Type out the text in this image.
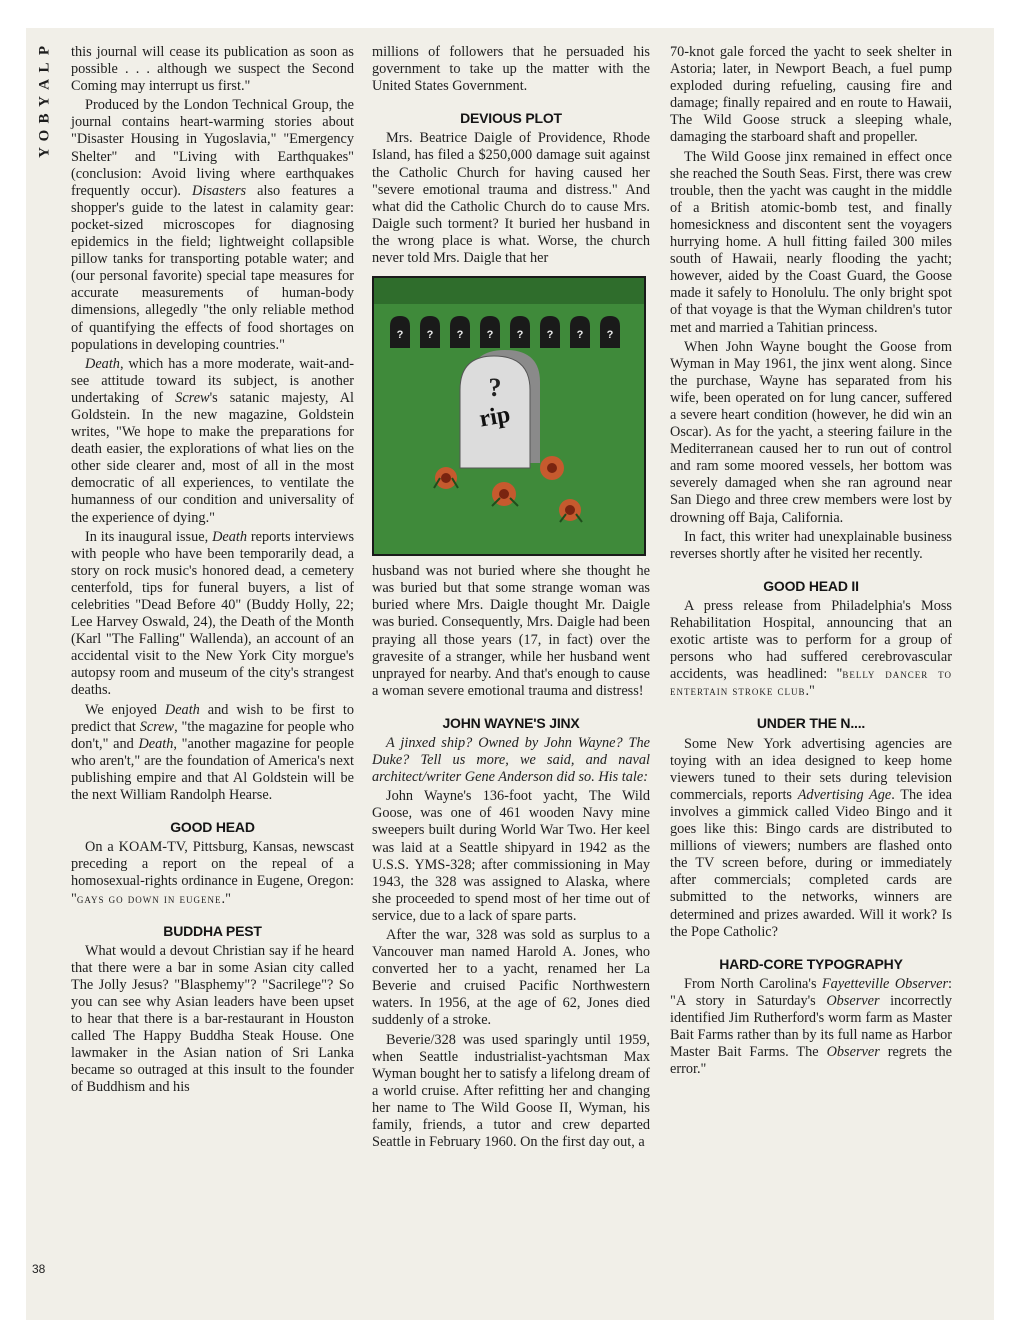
P
L
A
Y
B
O
Y
38

this journal will cease its publication as soon as possible . . . although we suspect the Second Coming may interrupt us first."

Produced by the London Technical Group, the journal contains heart-warming stories about "Disaster Housing in Yugoslavia," "Emergency Shelter" and "Living with Earthquakes" (conclusion: Avoid living where earthquakes frequently occur). Disasters also features a shopper's guide to the latest in calamity gear: pocket-sized microscopes for diagnosing epidemics in the field; lightweight collapsible pillow tanks for transporting potable water; and (our personal favorite) special tape measures for accurate measurements of human-body dimensions, allegedly "the only reliable method of quantifying the effects of food shortages on populations in developing countries."

Death, which has a more moderate, wait-and-see attitude toward its subject, is another undertaking of Screw's satanic majesty, Al Goldstein. In the new magazine, Goldstein writes, "We hope to make the preparations for death easier, the explorations of what lies on the other side clearer and, most of all in the most democratic of all experiences, to ventilate the humanness of our condition and universality of the experience of dying."

In its inaugural issue, Death reports interviews with people who have been temporarily dead, a story on rock music's honored dead, a cemetery centerfold, tips for funeral buyers, a list of celebrities "Dead Before 40" (Buddy Holly, 22; Lee Harvey Oswald, 24), the Death of the Month (Karl "The Falling" Wallenda), an account of an accidental visit to the New York City morgue's autopsy room and museum of the city's strangest deaths.

We enjoyed Death and wish to be first to predict that Screw, "the magazine for people who don't," and Death, "another magazine for people who aren't," are the foundation of America's next publishing empire and that Al Goldstein will be the next William Randolph Hearse.

GOOD HEAD

On a KOAM-TV, Pittsburg, Kansas, newscast preceding a report on the repeal of a homosexual-rights ordinance in Eugene, Oregon: "gays go down in eugene."

BUDDHA PEST

What would a devout Christian say if he heard that there were a bar in some Asian city called The Jolly Jesus? "Blasphemy"? "Sacrilege"? So you can see why Asian leaders have been upset to hear that there is a bar-restaurant in Houston called The Happy Buddha Steak House. One lawmaker in the Asian nation of Sri Lanka became so outraged at this insult to the founder of Buddhism and his

millions of followers that he persuaded his government to take up the matter with the United States Government.

DEVIOUS PLOT

Mrs. Beatrice Daigle of Providence, Rhode Island, has filed a $250,000 damage suit against the Catholic Church for having caused her "severe emotional trauma and distress." And what did the Catholic Church do to cause Mrs. Daigle such torment? It buried her husband in the wrong place is what. Worse, the church never told Mrs. Daigle that her

? ? ? ? ? ? ? ?
?
rip

husband was not buried where she thought he was buried but that some strange woman was buried where Mrs. Daigle thought Mr. Daigle was buried. Consequently, Mrs. Daigle had been praying all those years (17, in fact) over the gravesite of a stranger, while her husband went unprayed for nearby. And that's enough to cause a woman severe emotional trauma and distress!

JOHN WAYNE'S JINX

A jinxed ship? Owned by John Wayne? The Duke? Tell us more, we said, and naval architect/writer Gene Anderson did so. His tale:

John Wayne's 136-foot yacht, The Wild Goose, was one of 461 wooden Navy mine sweepers built during World War Two. Her keel was laid at a Seattle shipyard in 1942 as the U.S.S. YMS-328; after commissioning in May 1943, the 328 was assigned to Alaska, where she proceeded to spend most of her time out of service, due to a lack of spare parts.

After the war, 328 was sold as surplus to a Vancouver man named Harold A. Jones, who converted her to a yacht, renamed her La Beverie and cruised Pacific Northwestern waters. In 1956, at the age of 62, Jones died suddenly of a stroke.

Beverie/328 was used sparingly until 1959, when Seattle industrialist-yachtsman Max Wyman bought her to satisfy a lifelong dream of a world cruise. After refitting her and changing her name to The Wild Goose II, Wyman, his family, friends, a tutor and crew departed Seattle in February 1960. On the first day out, a

70-knot gale forced the yacht to seek shelter in Astoria; later, in Newport Beach, a fuel pump exploded during refueling, causing fire and damage; finally repaired and en route to Hawaii, The Wild Goose struck a sleeping whale, damaging the starboard shaft and propeller.

The Wild Goose jinx remained in effect once she reached the South Seas. First, there was crew trouble, then the yacht was caught in the middle of a British atomic-bomb test, and finally homesickness and discontent sent the voyagers hurrying home. A hull fitting failed 300 miles south of Hawaii, nearly flooding the yacht; however, aided by the Coast Guard, the Goose made it safely to Honolulu. The only bright spot of that voyage is that the Wyman children's tutor met and married a Tahitian princess.

When John Wayne bought the Goose from Wyman in May 1961, the jinx went along. Since the purchase, Wayne has separated from his wife, been operated on for lung cancer, suffered a severe heart condition (however, he did win an Oscar). As for the yacht, a steering failure in the Mediterranean caused her to run out of control and ram some moored vessels, her bottom was severely damaged when she ran aground near San Diego and three crew members were lost by drowning off Baja, California.

In fact, this writer had unexplainable business reverses shortly after he visited her recently.

GOOD HEAD II

A press release from Philadelphia's Moss Rehabilitation Hospital, announcing that an exotic artiste was to perform for a group of persons who had suffered cerebrovascular accidents, was headlined: "belly dancer to entertain stroke club."

UNDER THE N....

Some New York advertising agencies are toying with an idea designed to keep home viewers tuned to their sets during television commercials, reports Advertising Age. The idea involves a gimmick called Video Bingo and it goes like this: Bingo cards are distributed to millions of viewers; numbers are flashed onto the TV screen before, during or immediately after commercials; completed cards are submitted to the networks, winners are determined and prizes awarded. Will it work? Is the Pope Catholic?

HARD-CORE TYPOGRAPHY

From North Carolina's Fayetteville Observer: "A story in Saturday's Observer incorrectly identified Jim Rutherford's worm farm as Master Bait Farms rather than by its full name as Harbor Master Bait Farms. The Observer regrets the error."
